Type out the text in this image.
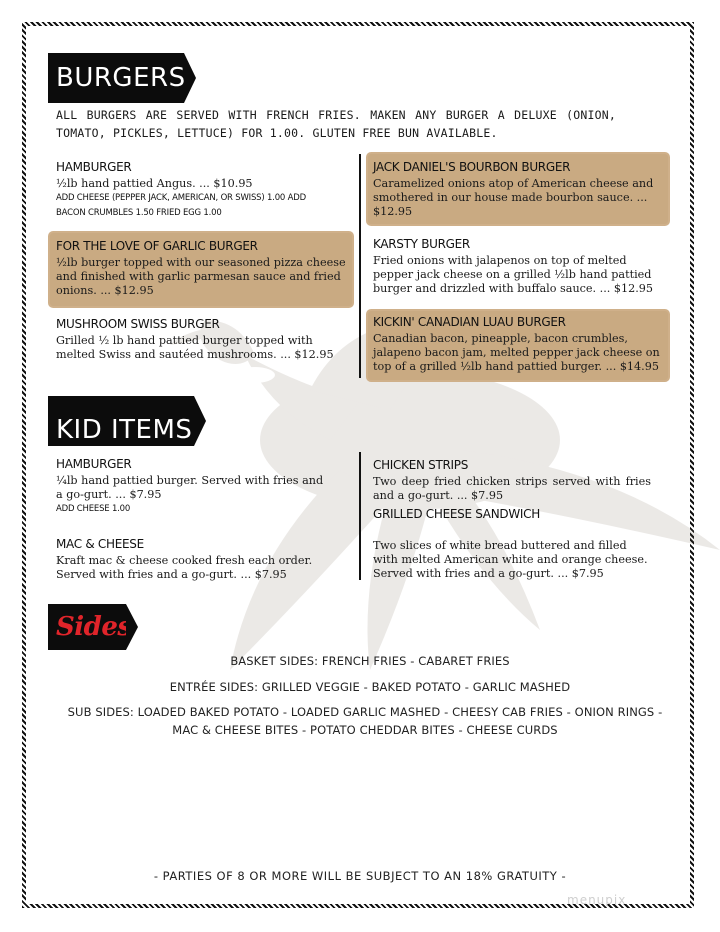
BURGERS
ALL BURGERS ARE SERVED WITH FRENCH FRIES. MAKEN ANY BURGER A DELUXE (ONION, TOMATO, PICKLES, LETTUCE) FOR 1.00. GLUTEN FREE BUN AVAILABLE.
HAMBURGER
½lb hand pattied Angus. ... $10.95
ADD CHEESE (PEPPER JACK, AMERICAN, OR SWISS) 1.00 ADD BACON CRUMBLES 1.50 FRIED EGG 1.00
FOR THE LOVE OF GARLIC BURGER
½lb burger topped with our seasoned pizza cheese and finished with garlic parmesan sauce and fried onions. ... $12.95
MUSHROOM SWISS BURGER
Grilled ½ lb hand pattied burger topped with melted Swiss and sautéed mushrooms. ... $12.95
JACK DANIEL'S BOURBON BURGER
Caramelized onions atop of American cheese and smothered in our house made bourbon sauce. ... $12.95
KARSTY BURGER
Fried onions with jalapenos on top of melted pepper jack cheese on a grilled ½lb hand pattied burger and drizzled with buffalo sauce. ... $12.95
KICKIN' CANADIAN LUAU BURGER
Canadian bacon, pineapple, bacon crumbles, jalapeno bacon jam, melted pepper jack cheese on top of a grilled ½lb hand pattied burger. ... $14.95
KID ITEMS
HAMBURGER
¼lb hand pattied burger. Served with fries and a go-gurt. ... $7.95
ADD CHEESE 1.00
MAC & CHEESE
Kraft mac & cheese cooked fresh each order. Served with fries and a go-gurt. ... $7.95
CHICKEN STRIPS
Two deep fried chicken strips served with fries and a go-gurt. ... $7.95
GRILLED CHEESE SANDWICH
Two slices of white bread buttered and filled with melted American white and orange cheese. Served with fries and a go-gurt. ... $7.95
Sides
BASKET SIDES: FRENCH FRIES - CABARET FRIES
ENTRÉE SIDES: GRILLED VEGGIE - BAKED POTATO - GARLIC MASHED
SUB SIDES: LOADED BAKED POTATO - LOADED GARLIC MASHED - CHEESY CAB FRIES - ONION RINGS - MAC & CHEESE BITES - POTATO CHEDDAR BITES - CHEESE CURDS
- PARTIES OF 8 OR MORE WILL BE SUBJECT TO AN 18% GRATUITY -
menupix
